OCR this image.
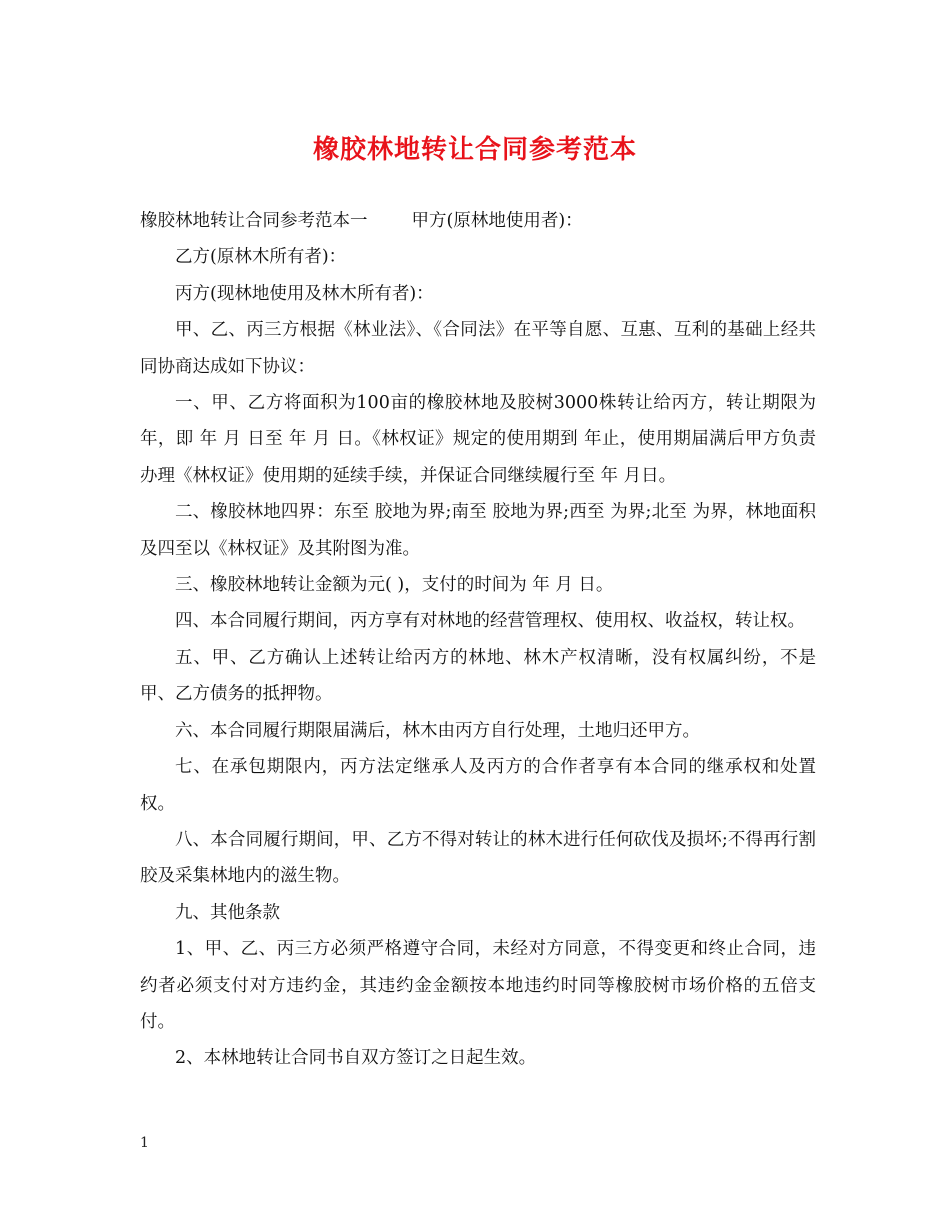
橡胶林地转让合同参考范本

橡胶林地转让合同参考范本一	甲方(原林地使用者)：

乙方(原林木所有者)：

丙方(现林地使用及林木所有者)：

甲、乙、丙三方根据《林业法》、《合同法》在平等自愿、互惠、互利的基础上经共同协商达成如下协议：

一、甲、乙方将面积为100亩的橡胶林地及胶树3000株转让给丙方，转让期限为 年，即 年 月 日至 年 月 日。《林权证》规定的使用期到 年止，使用期届满后甲方负责办理《林权证》使用期的延续手续，并保证合同继续履行至 年 月日。

二、橡胶林地四界：东至 胶地为界;南至 胶地为界;西至 为界;北至 为界，林地面积及四至以《林权证》及其附图为准。

三、橡胶林地转让金额为元( )，支付的时间为 年 月 日。

四、本合同履行期间，丙方享有对林地的经营管理权、使用权、收益权，转让权。

五、甲、乙方确认上述转让给丙方的林地、林木产权清晰，没有权属纠纷，不是甲、乙方债务的抵押物。

六、本合同履行期限届满后，林木由丙方自行处理，土地归还甲方。

七、在承包期限内，丙方法定继承人及丙方的合作者享有本合同的继承权和处置权。

八、本合同履行期间，甲、乙方不得对转让的林木进行任何砍伐及损坏;不得再行割胶及采集林地内的滋生物。

九、其他条款

1、甲、乙、丙三方必须严格遵守合同，未经对方同意，不得变更和终止合同，违约者必须支付对方违约金，其违约金金额按本地违约时同等橡胶树市场价格的五倍支付。

2、本林地转让合同书自双方签订之日起生效。

1
